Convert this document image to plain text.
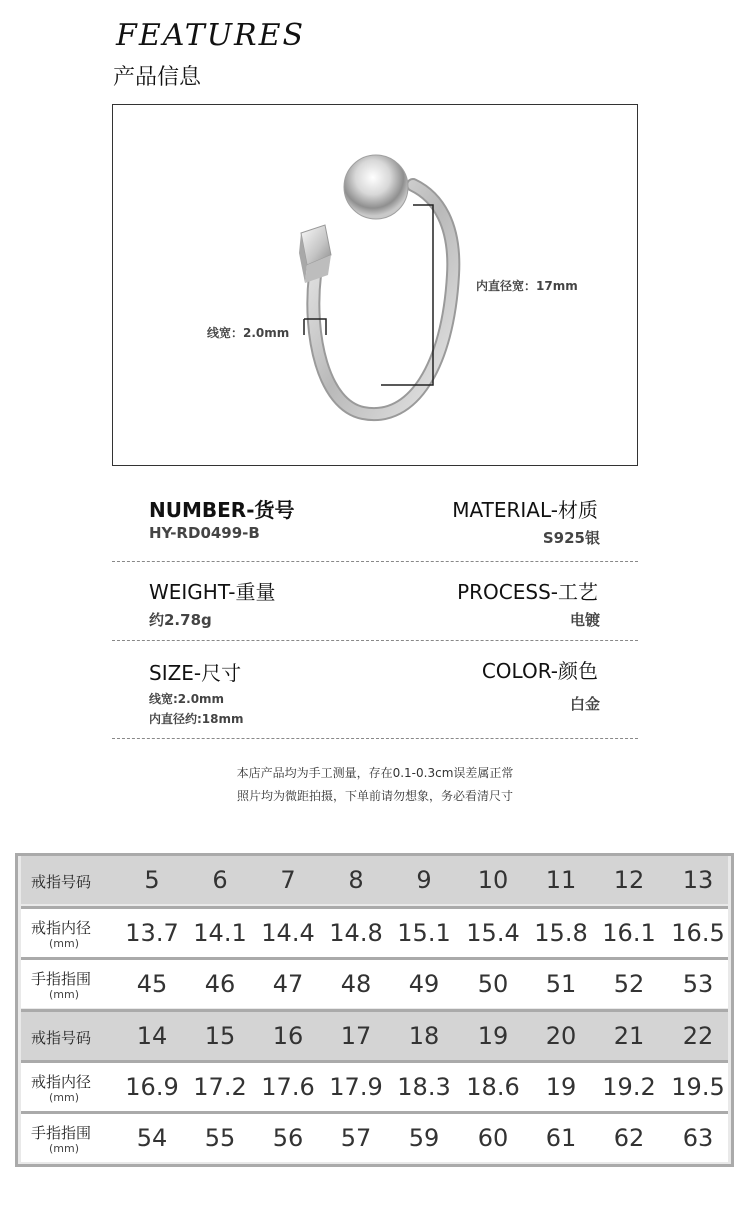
FEATURES
产品信息
线宽：2.0mm
内直径宽：17mm
NUMBER-货号
HY-RD0499-B
MATERIAL-材质
S925银
WEIGHT-重量
约2.78g
PROCESS-工艺
电镀
SIZE-尺寸
线宽:2.0mm
内直径约:18mm
COLOR-颜色
白金
本店产品均为手工测量，存在0.1-0.3cm误差属正常
照片均为微距拍摄，下单前请勿想象，务必看清尺寸
戒指号码	5	6	7	8	9	10	11	12	13
戒指内径
(mm)	13.7 14.1 14.4 14.8 15.1 15.4 15.8 16.1 16.5
手指指围
(mm)	45	46	47	48	49	50	51	52	53
戒指号码	14	15	16	17	18	19	20	21	22
戒指内径
(mm)	16.9 17.2 17.6 17.9 18.3 18.6	19	19.2 19.5
手指指围
(mm)	54	55	56	57	59	60	61	62	63
